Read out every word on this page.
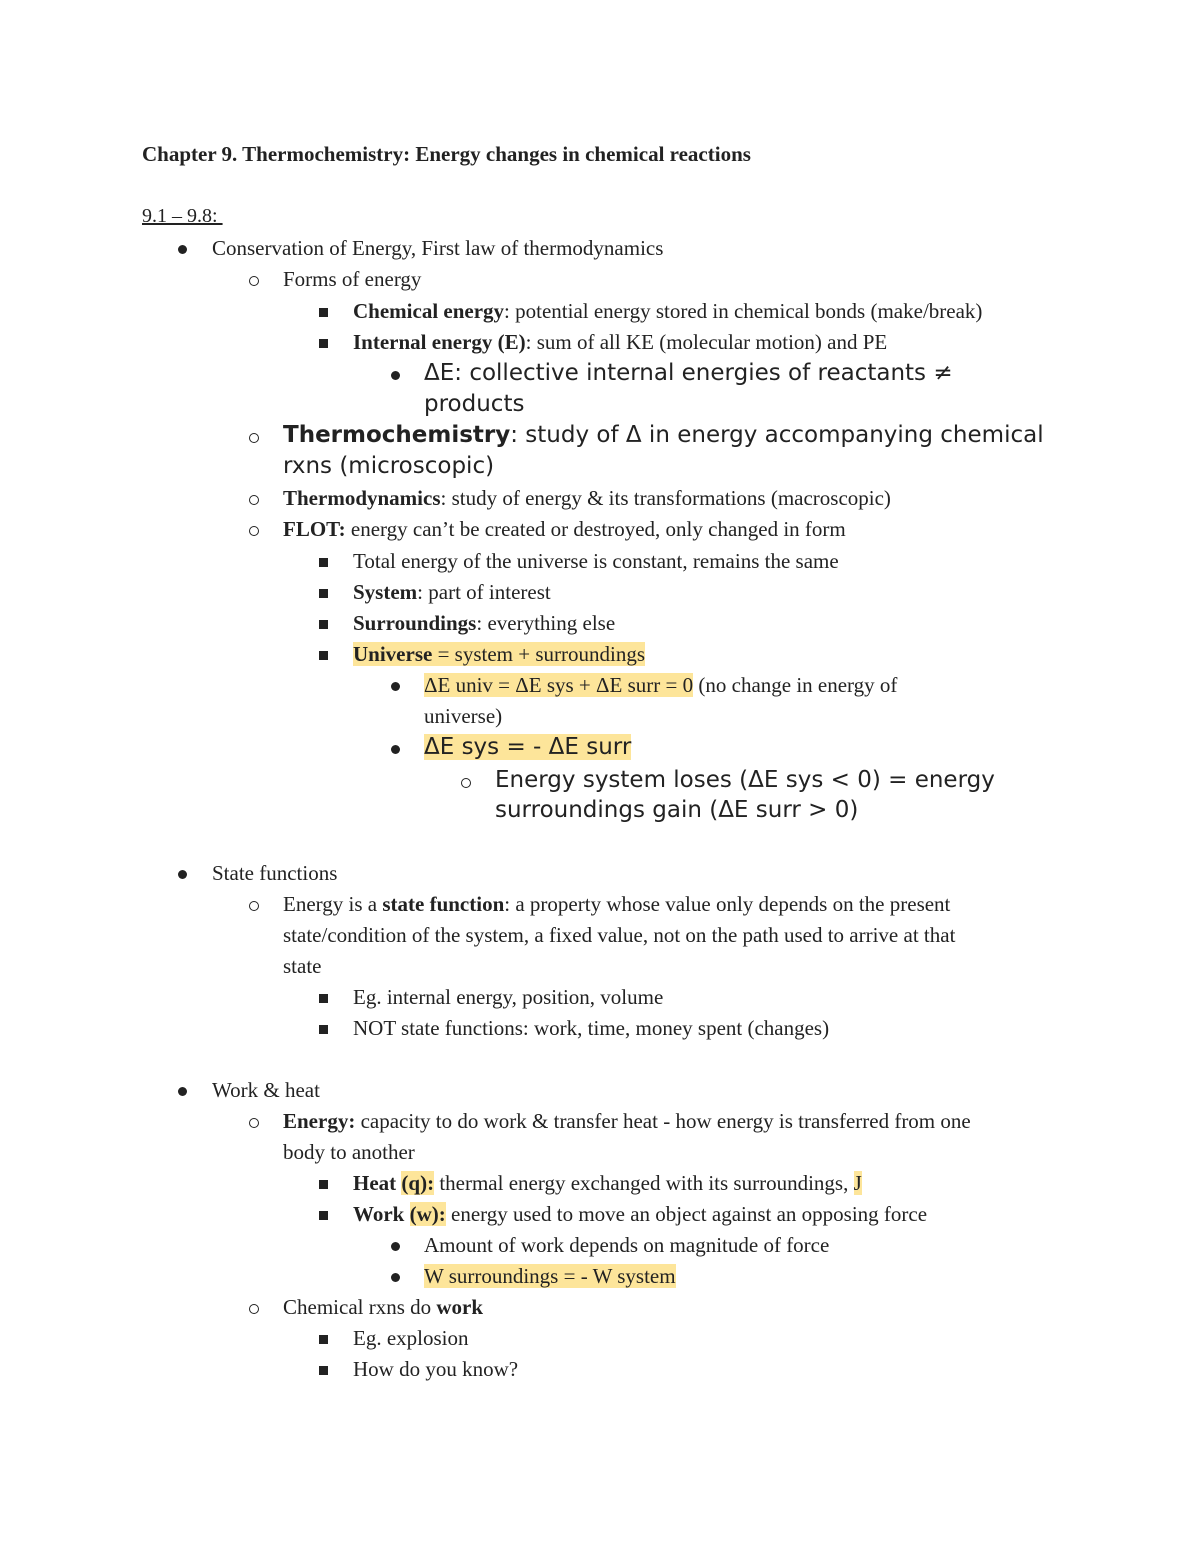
Chapter 9. Thermochemistry: Energy changes in chemical reactions
9.1 – 9.8:
Conservation of Energy, First law of thermodynamics
Forms of energy
Chemical energy: potential energy stored in chemical bonds (make/break)
Internal energy (E): sum of all KE (molecular motion) and PE
ΔE: collective internal energies of reactants ≠
products
Thermochemistry: study of Δ in energy accompanying chemical
rxns (microscopic)
Thermodynamics: study of energy & its transformations (macroscopic)
FLOT: energy can’t be created or destroyed, only changed in form
Total energy of the universe is constant, remains the same
System: part of interest
Surroundings: everything else
Universe = system + surroundings
ΔE univ = ΔE sys + ΔE surr = 0 (no change in energy of
universe)
ΔE sys = - ΔE surr
Energy system loses (ΔE sys < 0) = energy
surroundings gain (ΔE surr > 0)
State functions
Energy is a state function: a property whose value only depends on the present
state/condition of the system, a fixed value, not on the path used to arrive at that
state
Eg. internal energy, position, volume
NOT state functions: work, time, money spent (changes)
Work & heat
Energy: capacity to do work & transfer heat - how energy is transferred from one
body to another
Heat (q): thermal energy exchanged with its surroundings, J
Work (w): energy used to move an object against an opposing force
Amount of work depends on magnitude of force
W surroundings = - W system
Chemical rxns do work
Eg. explosion
How do you know?
